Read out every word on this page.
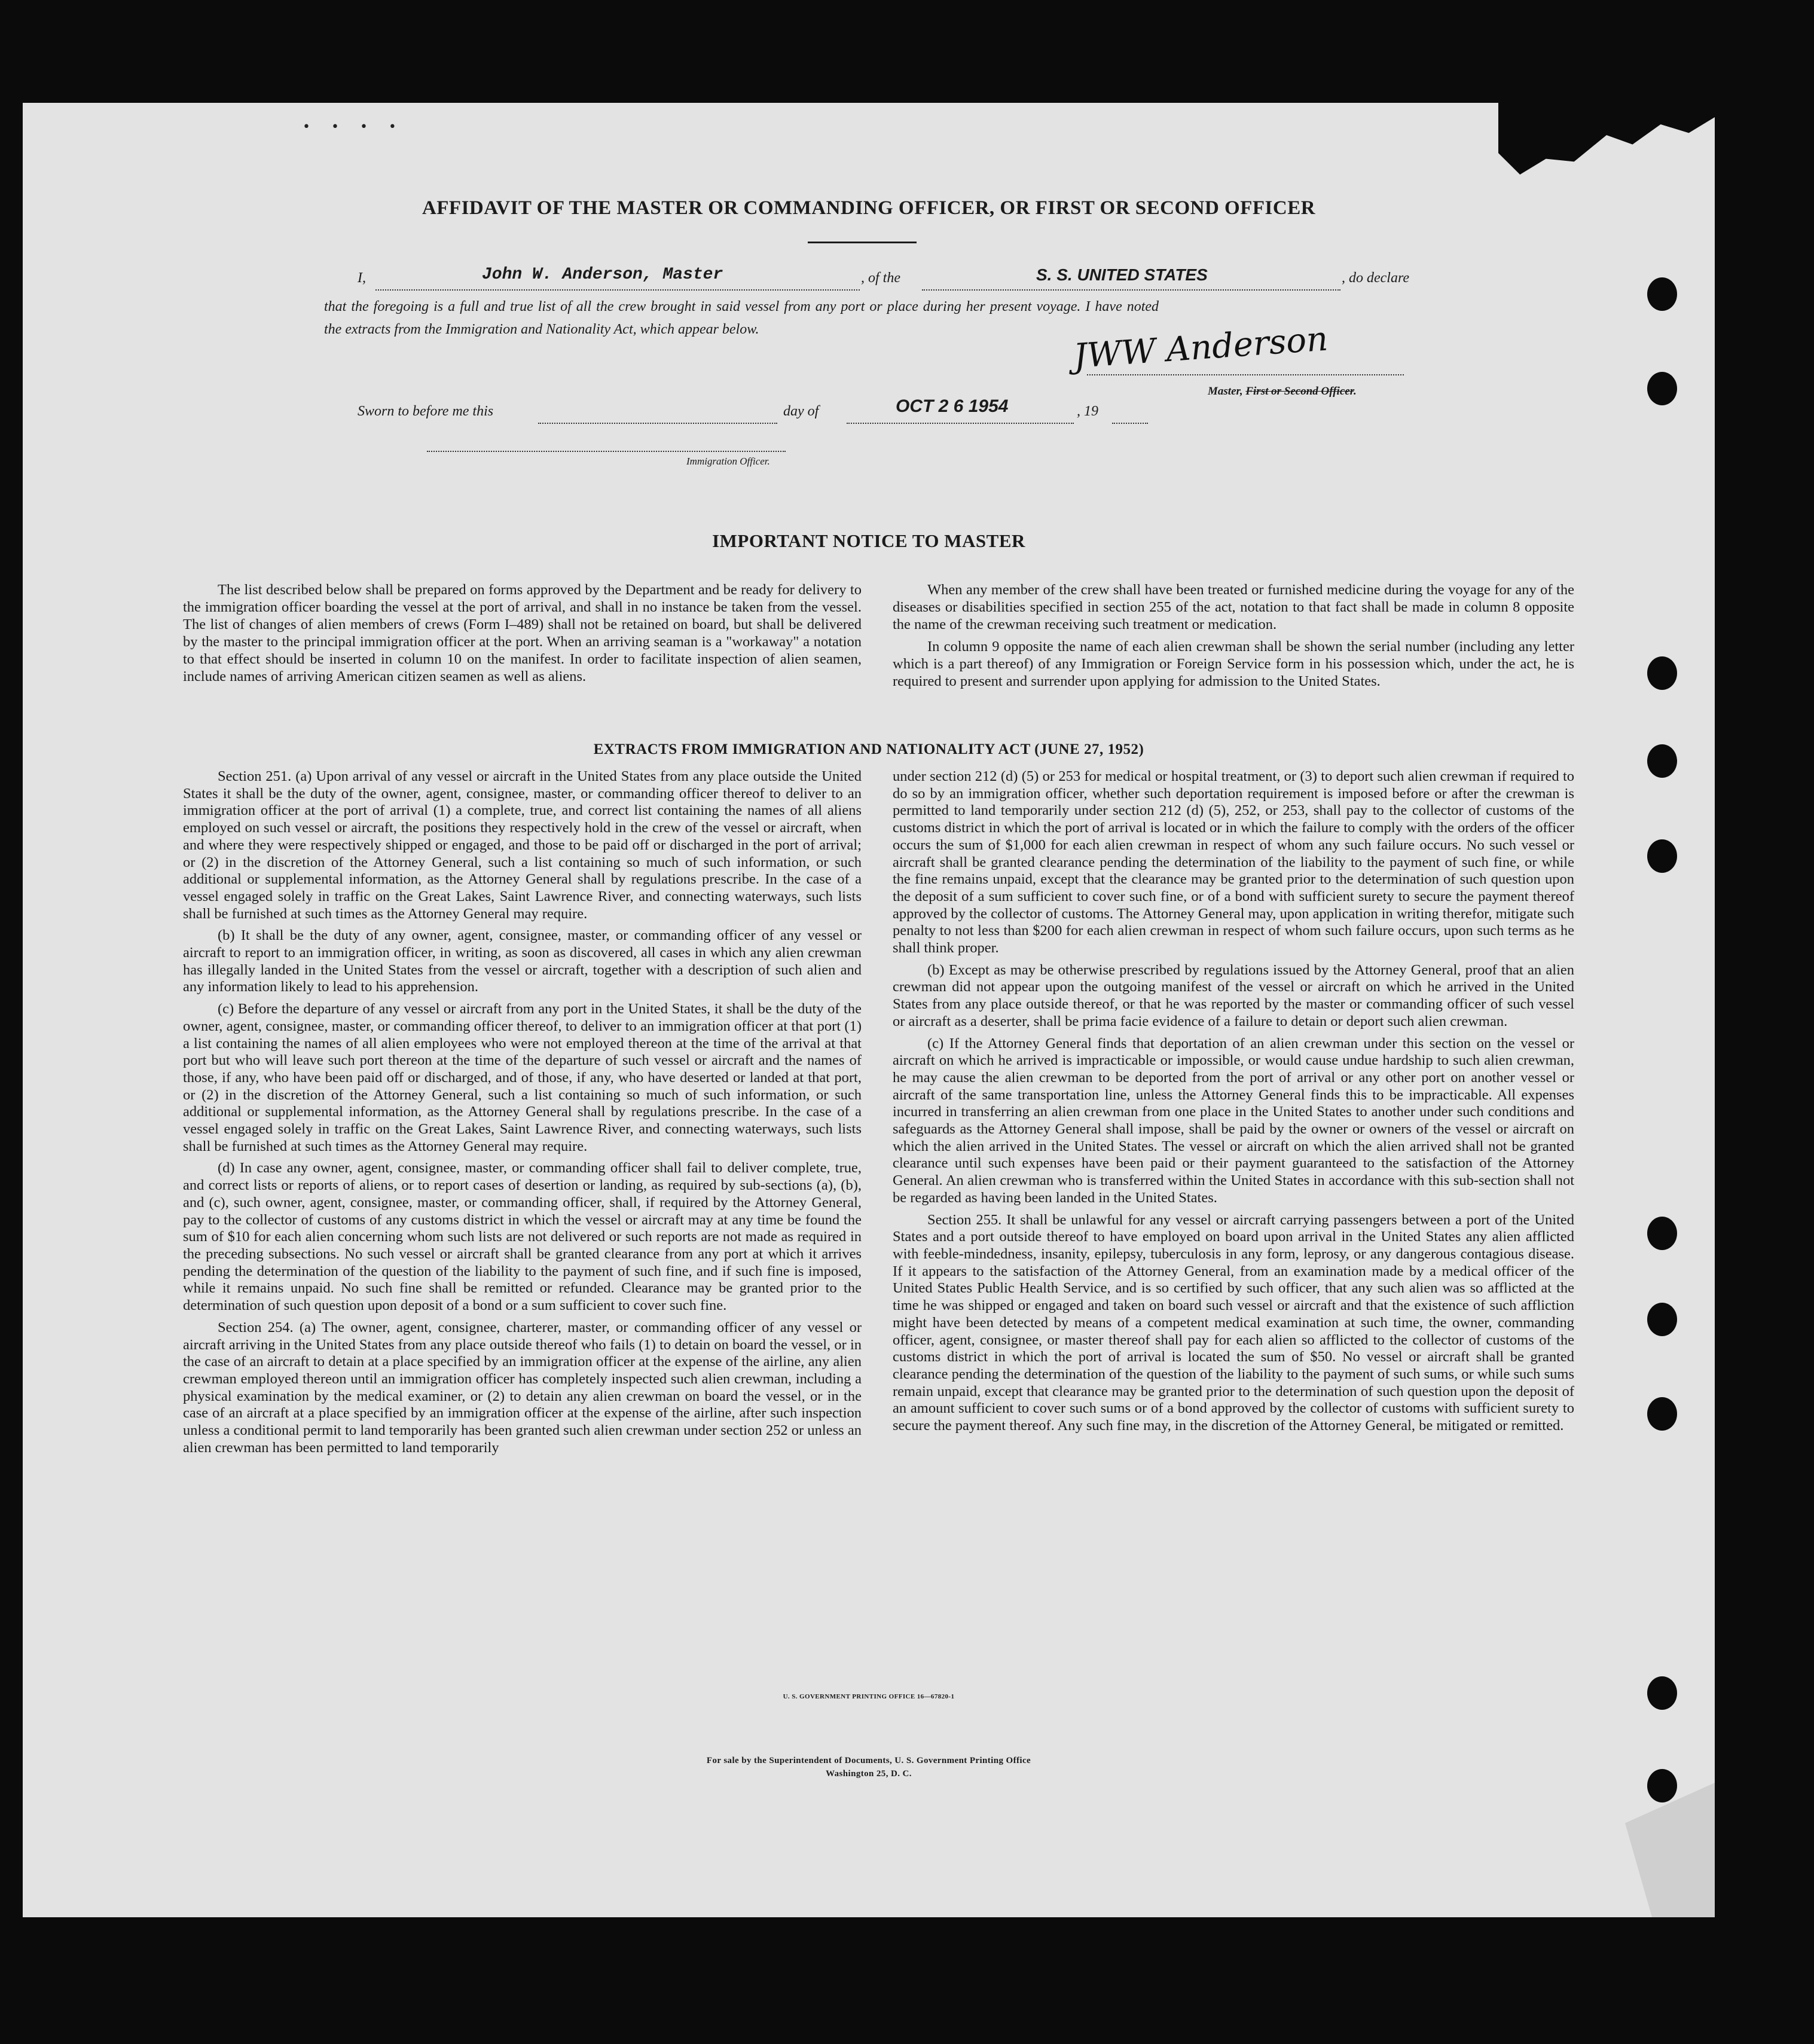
• • • •
AFFIDAVIT OF THE MASTER OR COMMANDING OFFICER, OR FIRST OR SECOND OFFICER
I,	John W. Anderson, Master	, of the	S. S. UNITED STATES	, do declare
that the foregoing is a full and true list of all the crew brought in said vessel from any port or place during her present voyage. I have noted
the extracts from the Immigration and Nationality Act, which appear below.	JWW Anderson
Master, First or Second Officer.
Sworn to before me this	day of	OCT 2 6 1954	, 19
Immigration Officer.
IMPORTANT NOTICE TO MASTER

The list described below shall be prepared on forms approved by the Department and be ready for delivery to the immigration officer boarding the vessel at the port of arrival, and shall in no instance be taken from the vessel. The list of changes of alien members of crews (Form I–489) shall not be retained on board, but shall be delivered by the master to the principal immigration officer at the port. When an arriving seaman is a "workaway" a notation to that effect should be inserted in column 10 on the manifest. In order to facilitate inspection of alien seamen, include names of arriving American citizen seamen as well as aliens.

When any member of the crew shall have been treated or furnished medicine during the voyage for any of the diseases or disabilities specified in section 255 of the act, notation to that fact shall be made in column 8 opposite the name of the crewman receiving such treatment or medication.

In column 9 opposite the name of each alien crewman shall be shown the serial number (including any letter which is a part thereof) of any Immigration or Foreign Service form in his possession which, under the act, he is required to present and surrender upon applying for admission to the United States.

EXTRACTS FROM IMMIGRATION AND NATIONALITY ACT (JUNE 27, 1952)

Section 251. (a) Upon arrival of any vessel or aircraft in the United States from any place outside the United States it shall be the duty of the owner, agent, consignee, master, or commanding officer thereof to deliver to an immigration officer at the port of arrival (1) a complete, true, and correct list containing the names of all aliens employed on such vessel or aircraft, the positions they respectively hold in the crew of the vessel or aircraft, when and where they were respectively shipped or engaged, and those to be paid off or discharged in the port of arrival; or (2) in the discretion of the Attorney General, such a list containing so much of such information, or such additional or supplemental information, as the Attorney General shall by regulations prescribe. In the case of a vessel engaged solely in traffic on the Great Lakes, Saint Lawrence River, and connecting waterways, such lists shall be furnished at such times as the Attorney General may require.

(b) It shall be the duty of any owner, agent, consignee, master, or commanding officer of any vessel or aircraft to report to an immigration officer, in writing, as soon as discovered, all cases in which any alien crewman has illegally landed in the United States from the vessel or aircraft, together with a description of such alien and any information likely to lead to his apprehension.

(c) Before the departure of any vessel or aircraft from any port in the United States, it shall be the duty of the owner, agent, consignee, master, or commanding officer thereof, to deliver to an immigration officer at that port (1) a list containing the names of all alien employees who were not employed thereon at the time of the arrival at that port but who will leave such port thereon at the time of the departure of such vessel or aircraft and the names of those, if any, who have been paid off or discharged, and of those, if any, who have deserted or landed at that port, or (2) in the discretion of the Attorney General, such a list containing so much of such information, or such additional or supplemental information, as the Attorney General shall by regulations prescribe. In the case of a vessel engaged solely in traffic on the Great Lakes, Saint Lawrence River, and connecting waterways, such lists shall be furnished at such times as the Attorney General may require.

(d) In case any owner, agent, consignee, master, or commanding officer shall fail to deliver complete, true, and correct lists or reports of aliens, or to report cases of desertion or landing, as required by sub-sections (a), (b), and (c), such owner, agent, consignee, master, or commanding officer, shall, if required by the Attorney General, pay to the collector of customs of any customs district in which the vessel or aircraft may at any time be found the sum of $10 for each alien concerning whom such lists are not delivered or such reports are not made as required in the preceding subsections. No such vessel or aircraft shall be granted clearance from any port at which it arrives pending the determination of the question of the liability to the payment of such fine, and if such fine is imposed, while it remains unpaid. No such fine shall be remitted or refunded. Clearance may be granted prior to the determination of such question upon deposit of a bond or a sum sufficient to cover such fine.

Section 254. (a) The owner, agent, consignee, charterer, master, or commanding officer of any vessel or aircraft arriving in the United States from any place outside thereof who fails (1) to detain on board the vessel, or in the case of an aircraft to detain at a place specified by an immigration officer at the expense of the airline, any alien crewman employed thereon until an immigration officer has completely inspected such alien crewman, including a physical examination by the medical examiner, or (2) to detain any alien crewman on board the vessel, or in the case of an aircraft at a place specified by an immigration officer at the expense of the airline, after such inspection unless a conditional permit to land temporarily has been granted such alien crewman under section 252 or unless an alien crewman has been permitted to land temporarily

under section 212 (d) (5) or 253 for medical or hospital treatment, or (3) to deport such alien crewman if required to do so by an immigration officer, whether such deportation requirement is imposed before or after the crewman is permitted to land temporarily under section 212 (d) (5), 252, or 253, shall pay to the collector of customs of the customs district in which the port of arrival is located or in which the failure to comply with the orders of the officer occurs the sum of $1,000 for each alien crewman in respect of whom any such failure occurs. No such vessel or aircraft shall be granted clearance pending the determination of the liability to the payment of such fine, or while the fine remains unpaid, except that the clearance may be granted prior to the determination of such question upon the deposit of a sum sufficient to cover such fine, or of a bond with sufficient surety to secure the payment thereof approved by the collector of customs. The Attorney General may, upon application in writing therefor, mitigate such penalty to not less than $200 for each alien crewman in respect of whom such failure occurs, upon such terms as he shall think proper.

(b) Except as may be otherwise prescribed by regulations issued by the Attorney General, proof that an alien crewman did not appear upon the outgoing manifest of the vessel or aircraft on which he arrived in the United States from any place outside thereof, or that he was reported by the master or commanding officer of such vessel or aircraft as a deserter, shall be prima facie evidence of a failure to detain or deport such alien crewman.

(c) If the Attorney General finds that deportation of an alien crewman under this section on the vessel or aircraft on which he arrived is impracticable or impossible, or would cause undue hardship to such alien crewman, he may cause the alien crewman to be deported from the port of arrival or any other port on another vessel or aircraft of the same transportation line, unless the Attorney General finds this to be impracticable. All expenses incurred in transferring an alien crewman from one place in the United States to another under such conditions and safeguards as the Attorney General shall impose, shall be paid by the owner or owners of the vessel or aircraft on which the alien arrived in the United States. The vessel or aircraft on which the alien arrived shall not be granted clearance until such expenses have been paid or their payment guaranteed to the satisfaction of the Attorney General. An alien crewman who is transferred within the United States in accordance with this sub-section shall not be regarded as having been landed in the United States.

Section 255. It shall be unlawful for any vessel or aircraft carrying passengers between a port of the United States and a port outside thereof to have employed on board upon arrival in the United States any alien afflicted with feeble-mindedness, insanity, epilepsy, tuberculosis in any form, leprosy, or any dangerous contagious disease. If it appears to the satisfaction of the Attorney General, from an examination made by a medical officer of the United States Public Health Service, and is so certified by such officer, that any such alien was so afflicted at the time he was shipped or engaged and taken on board such vessel or aircraft and that the existence of such affliction might have been detected by means of a competent medical examination at such time, the owner, commanding officer, agent, consignee, or master thereof shall pay for each alien so afflicted to the collector of customs of the customs district in which the port of arrival is located the sum of $50. No vessel or aircraft shall be granted clearance pending the determination of the question of the liability to the payment of such sums, or while such sums remain unpaid, except that clearance may be granted prior to the determination of such question upon the deposit of an amount sufficient to cover such sums or of a bond approved by the collector of customs with sufficient surety to secure the payment thereof. Any such fine may, in the discretion of the Attorney General, be mitigated or remitted.

U. S. GOVERNMENT PRINTING OFFICE 16—67820-1
For sale by the Superintendent of Documents, U. S. Government Printing Office
Washington 25, D. C.
